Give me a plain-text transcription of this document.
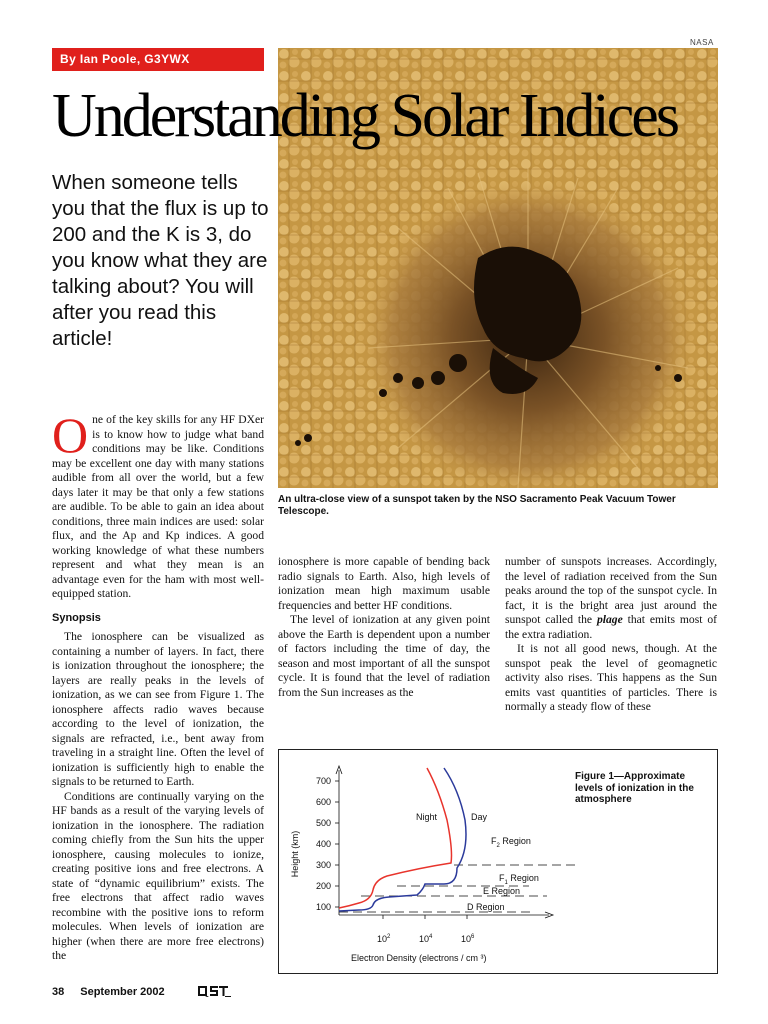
NASA
By Ian Poole, G3YWX
Understanding Solar Indices
When someone tells you that the flux is up to 200 and the K is 3, do you know what they are talking about? You will after you read this article!
An ultra-close view of a sunspot taken by the NSO Sacramento Peak Vacuum Tower Telescope.

One of the key skills for any HF DXer is to know how to judge what band conditions may be like. Conditions may be excellent one day with many stations audible from all over the world, but a few days later it may be that only a few stations are audible. To be able to gain an idea about conditions, three main indices are used: solar flux, and the Ap and Kp indices. A good working knowledge of what these numbers represent and what they mean is an advantage even for the ham with most well-equipped station.

Synopsis

The ionosphere can be visualized as containing a number of layers. In fact, there is ionization throughout the ionosphere; the layers are really peaks in the levels of ionization, as we can see from Figure 1. The ionosphere affects radio waves because according to the level of ionization, the signals are refracted, i.e., bent away from traveling in a straight line. Often the level of ionization is sufficiently high to enable the signals to be returned to Earth.

Conditions are continually varying on the HF bands as a result of the varying levels of ionization in the ionosphere. The radiation coming chiefly from the Sun hits the upper ionosphere, causing molecules to ionize, creating positive ions and free electrons. A state of “dynamic equilibrium” exists. The free electrons that affect radio waves recombine with the positive ions to reform molecules. When levels of ionization are higher (when there are more free electrons) the

ionosphere is more capable of bending back radio signals to Earth. Also, high levels of ionization mean high maximum usable frequencies and better HF conditions.

The level of ionization at any given point above the Earth is dependent upon a number of factors including the time of day, the season and most important of all the sunspot cycle. It is found that the level of radiation from the Sun increases as the

number of sunspots increases. Accordingly, the level of radiation received from the Sun peaks around the top of the sunspot cycle. In fact, it is the bright area just around the sunspot called the plage that emits most of the extra radiation.

It is not all good news, though. At the sunspot peak the level of geomagnetic activity also rises. This happens as the Sun emits vast quantities of particles. There is normally a steady flow of these

Height (km)
700
600
500
400
300
200
100
$10^2$	$10^4$	$10^6$
Electron Density (electrons / cm ³)
Night	Day
$F_2$ Region
$F_1$ Region
E Region
D Region
Figure 1—Approximate levels of ionization in the atmosphere
38 September 2002
